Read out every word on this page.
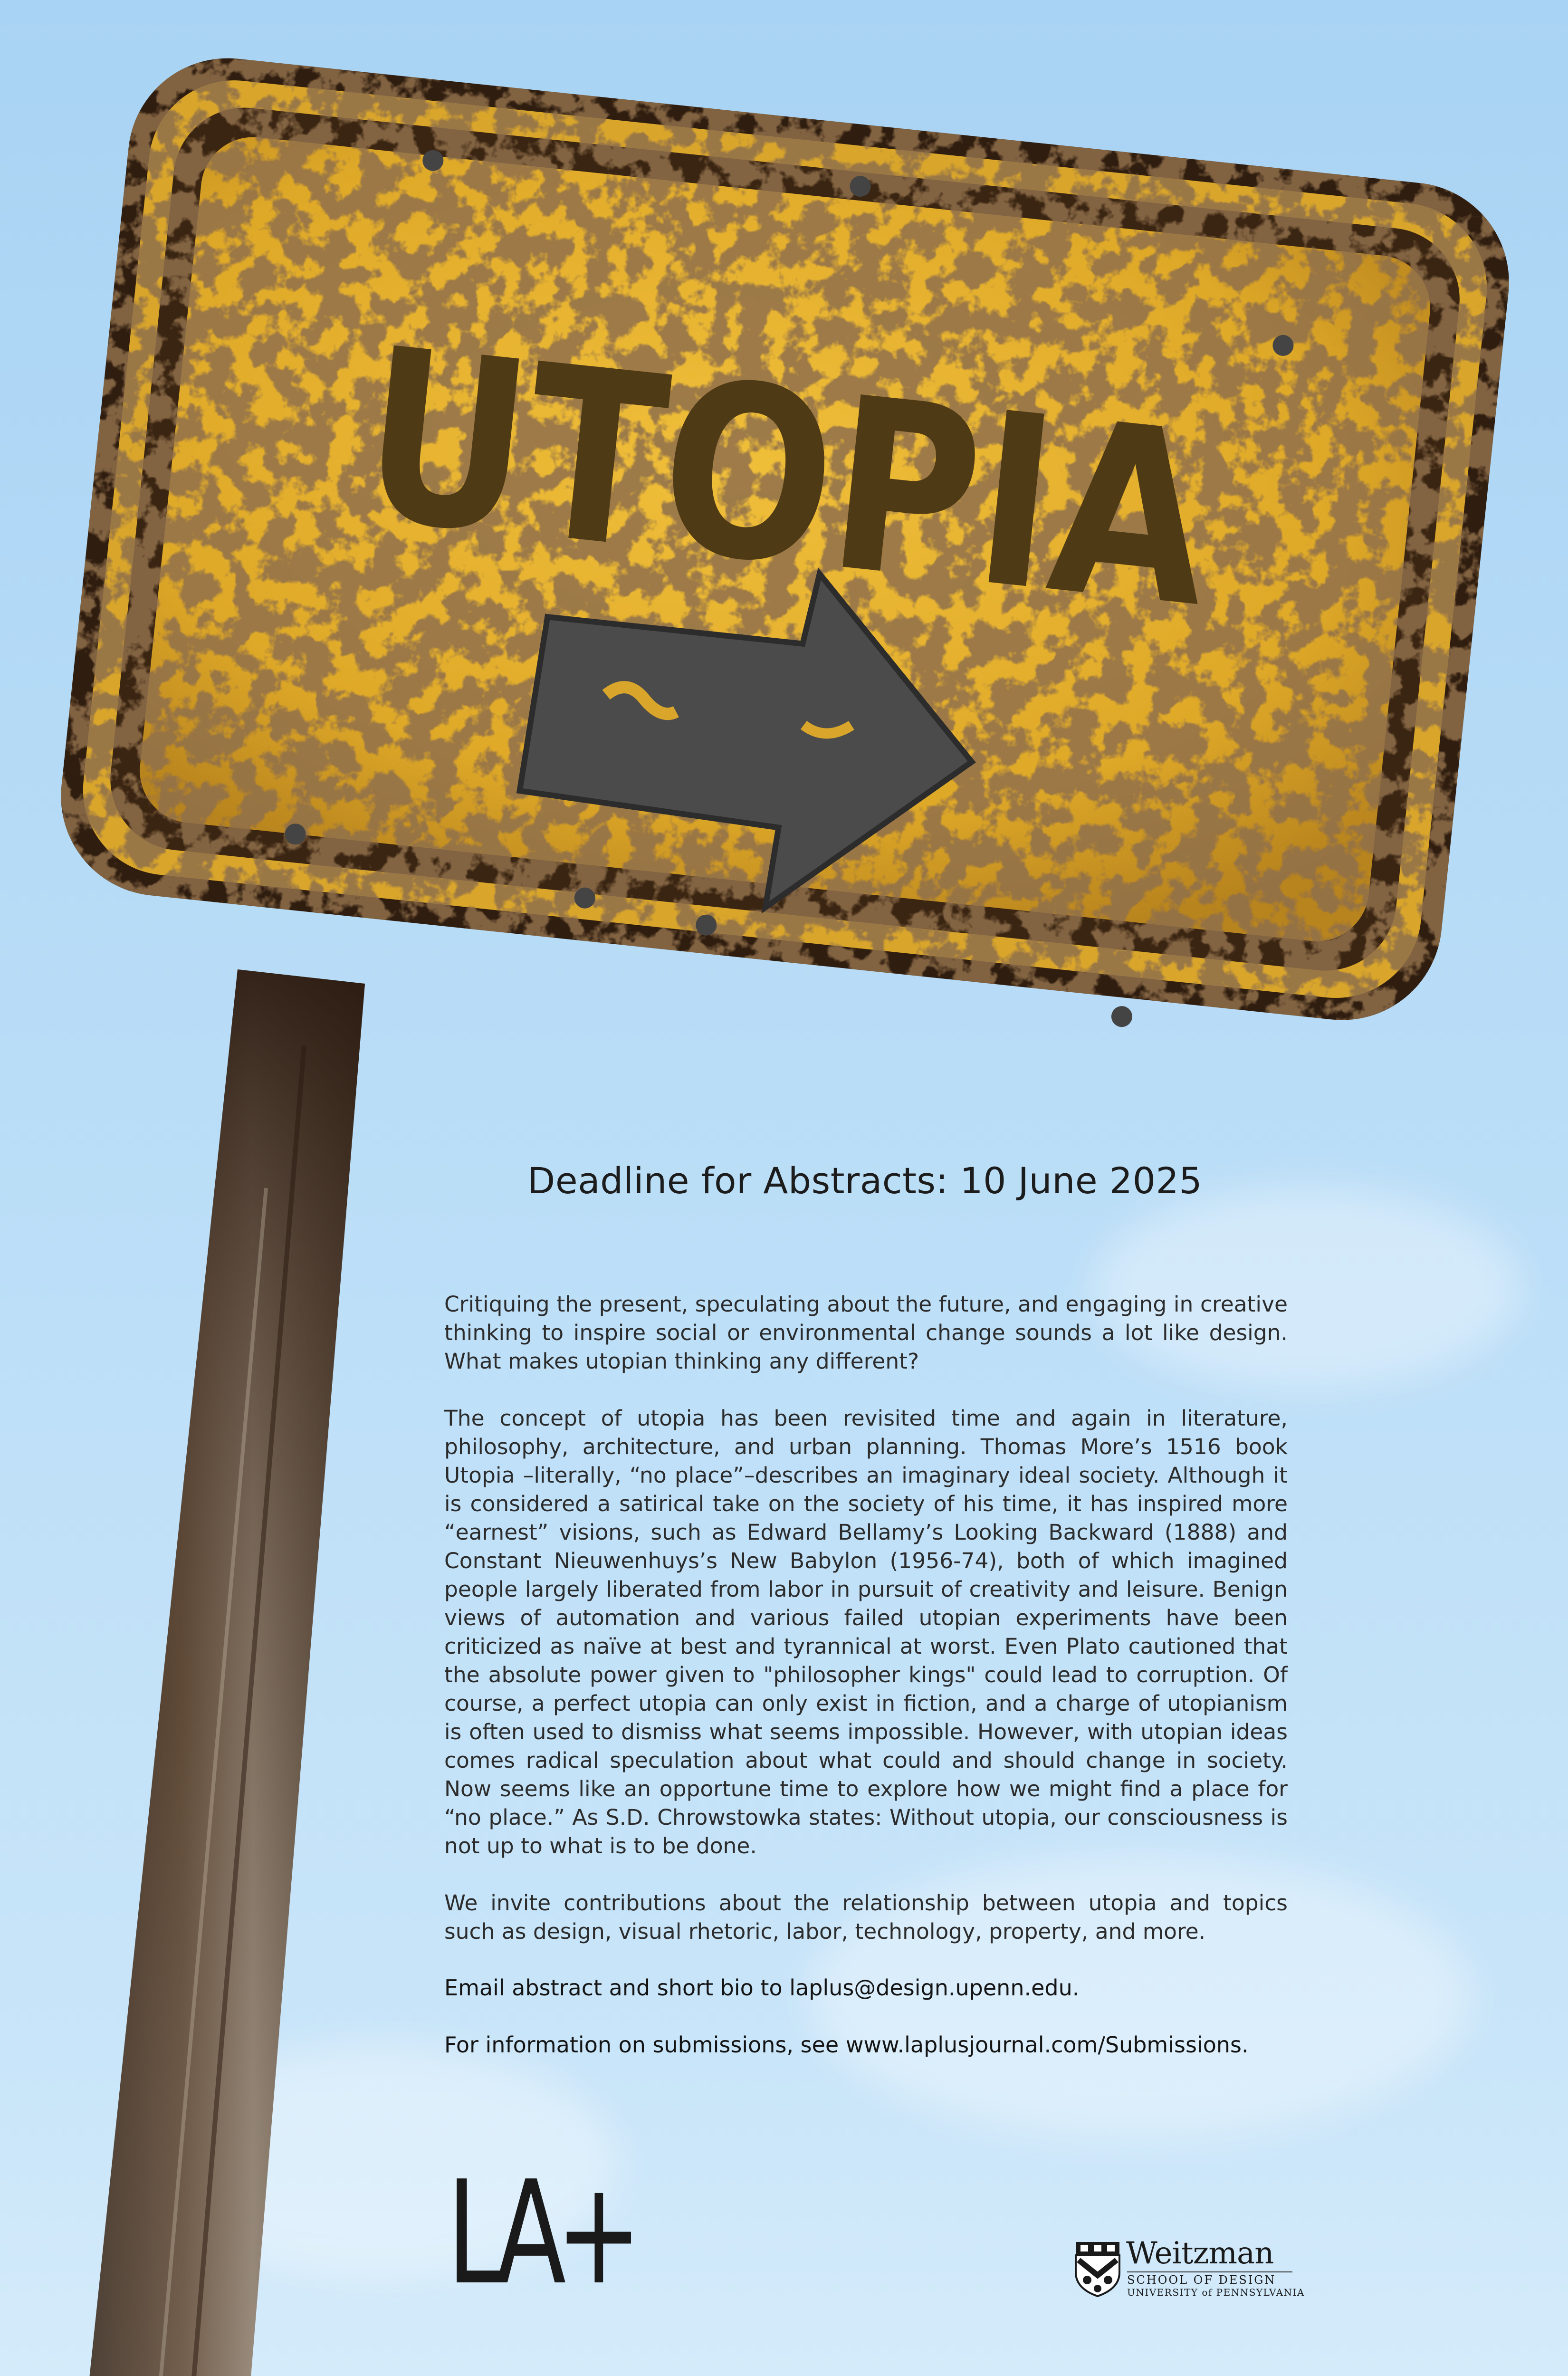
UTOPIA
Deadline for Abstracts: 10 June 2025

Critiquing the present, speculating about the future, and engaging in creative thinking to inspire social or environmental change sounds a lot like design. What makes utopian thinking any different?

The concept of utopia has been revisited time and again in literature, philosophy, architecture, and urban planning. Thomas More’s 1516 book Utopia –literally, “no place”–describes an imaginary ideal society. Although it is considered a satirical take on the society of his time, it has inspired more “earnest” visions, such as Edward Bellamy’s Looking Backward (1888) and Constant Nieuwenhuys’s New Babylon (1956-74), both of which imagined people largely liberated from labor in pursuit of creativity and leisure. Benign views of automation and various failed utopian experiments have been criticized as naïve at best and tyrannical at worst. Even Plato cautioned that the absolute power given to "philosopher kings" could lead to corruption. Of course, a perfect utopia can only exist in fiction, and a charge of utopianism is often used to dismiss what seems impossible. However, with utopian ideas comes radical speculation about what could and should change in society. Now seems like an opportune time to explore how we might find a place for “no place.” As S.D. Chrowstowka states: Without utopia, our consciousness is not up to what is to be done.

We invite contributions about the relationship between utopia and topics such as design, visual rhetoric, labor, technology, property, and more.

Email abstract and short bio to laplus@design.upenn.edu.

For information on submissions, see www.laplusjournal.com/Submissions.

LA+	Weitzman
SCHOOL OF DESIGN
UNIVERSITY of PENNSYLVANIA
